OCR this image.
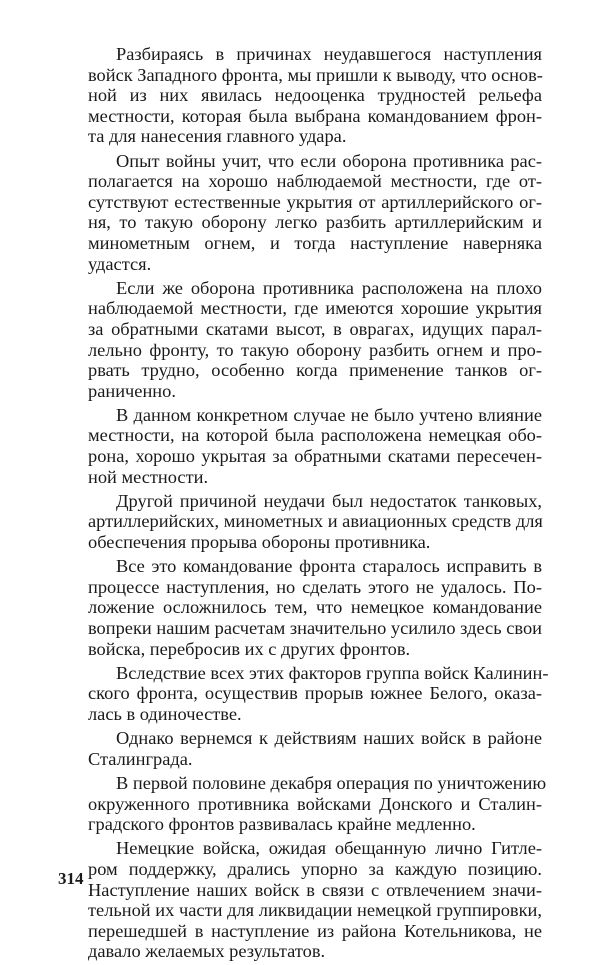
Разбираясь в причинах неудавшегося наступления
войск Западного фронта, мы пришли к выводу, что основ-
ной из них явилась недооценка трудностей рельефа
местности, которая была выбрана командованием фрон-
та для нанесения главного удара.

Опыт войны учит, что если оборона противника рас-
полагается на хорошо наблюдаемой местности, где от-
сутствуют естественные укрытия от артиллерийского ог-
ня, то такую оборону легко разбить артиллерийским и
минометным огнем, и тогда наступление наверняка
удастся.

Если же оборона противника расположена на плохо
наблюдаемой местности, где имеются хорошие укрытия
за обратными скатами высот, в оврагах, идущих парал-
лельно фронту, то такую оборону разбить огнем и про-
рвать трудно, особенно когда применение танков ог-
раниченно.

В данном конкретном случае не было учтено влияние
местности, на которой была расположена немецкая обо-
рона, хорошо укрытая за обратными скатами пересечен-
ной местности.

Другой причиной неудачи был недостаток танковых,
артиллерийских, минометных и авиационных средств для
обеспечения прорыва обороны противника.

Все это командование фронта старалось исправить в
процессе наступления, но сделать этого не удалось. По-
ложение осложнилось тем, что немецкое командование
вопреки нашим расчетам значительно усилило здесь свои
войска, перебросив их с других фронтов.

Вследствие всех этих факторов группа войск Калинин-
ского фронта, осуществив прорыв южнее Белого, оказа-
лась в одиночестве.

Однако вернемся к действиям наших войск в районе
Сталинграда.

В первой половине декабря операция по уничтожению
окруженного противника войсками Донского и Сталин-
градского фронтов развивалась крайне медленно.

Немецкие войска, ожидая обещанную лично Гитле-
ром поддержку, дрались упорно за каждую позицию.
Наступление наших войск в связи с отвлечением значи-
тельной их части для ликвидации немецкой группировки,
перешедшей в наступление из района Котельникова, не
давало желаемых результатов.

314
